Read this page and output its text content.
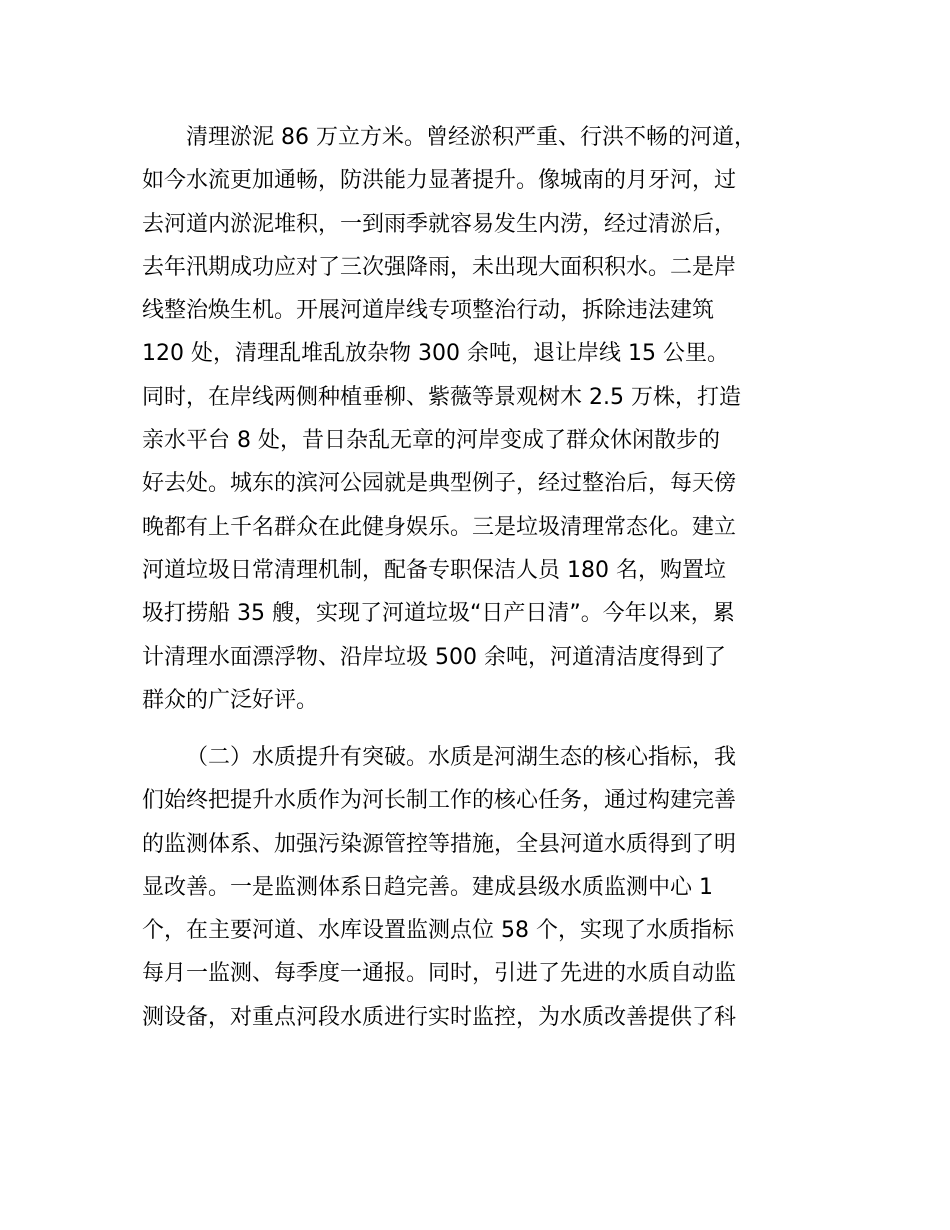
清理淤泥 86 万立方米。曾经淤积严重、行洪不畅的河道，
如今水流更加通畅，防洪能力显著提升。像城南的月牙河，过
去河道内淤泥堆积，一到雨季就容易发生内涝，经过清淤后，
去年汛期成功应对了三次强降雨，未出现大面积积水。二是岸
线整治焕生机。开展河道岸线专项整治行动，拆除违法建筑
120 处，清理乱堆乱放杂物 300 余吨，退让岸线 15 公里。
同时，在岸线两侧种植垂柳、紫薇等景观树木 2.5 万株，打造
亲水平台 8 处，昔日杂乱无章的河岸变成了群众休闲散步的
好去处。城东的滨河公园就是典型例子，经过整治后，每天傍
晚都有上千名群众在此健身娱乐。三是垃圾清理常态化。建立
河道垃圾日常清理机制，配备专职保洁人员 180 名，购置垃
圾打捞船 35 艘，实现了河道垃圾“日产日清”。今年以来，累
计清理水面漂浮物、沿岸垃圾 500 余吨，河道清洁度得到了
群众的广泛好评。
（二）水质提升有突破。水质是河湖生态的核心指标，我
们始终把提升水质作为河长制工作的核心任务，通过构建完善
的监测体系、加强污染源管控等措施，全县河道水质得到了明
显改善。一是监测体系日趋完善。建成县级水质监测中心 1
个，在主要河道、水库设置监测点位 58 个，实现了水质指标
每月一监测、每季度一通报。同时，引进了先进的水质自动监
测设备，对重点河段水质进行实时监控，为水质改善提供了科
